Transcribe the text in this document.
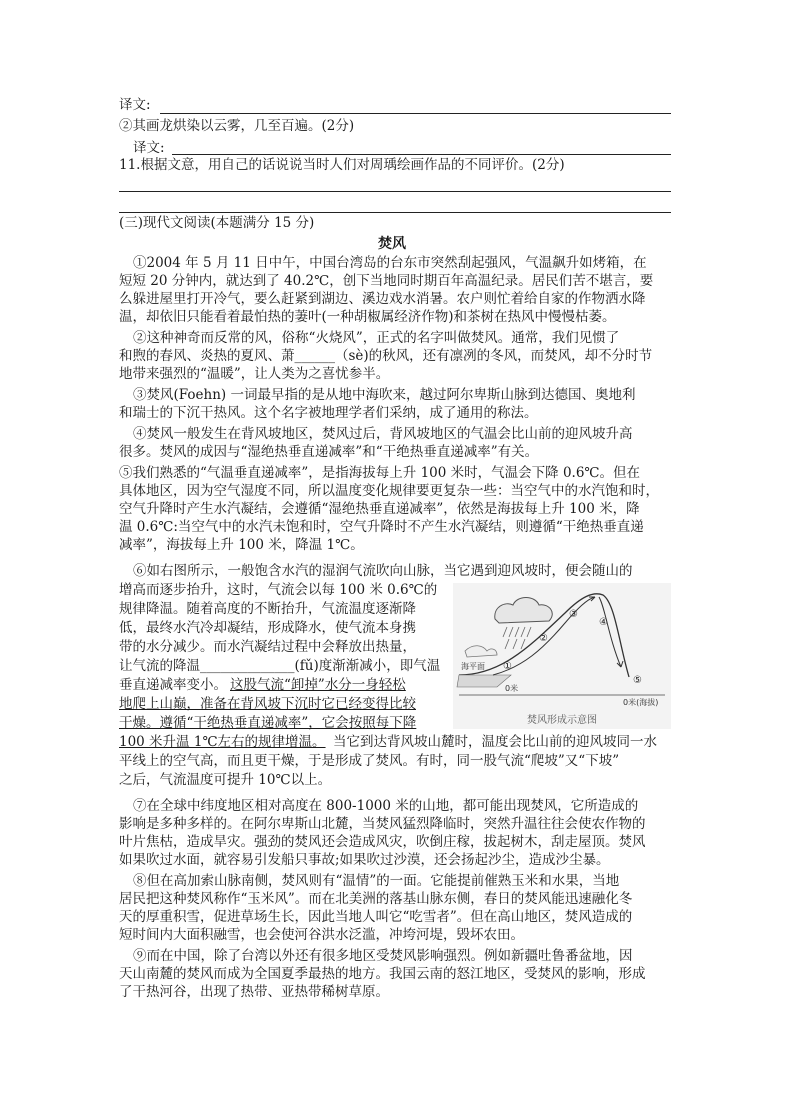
译文:
②其画龙烘染以云雾，几至百遍。(2分)
译文:
11.根据文意，用自己的话说说当时人们对周瑀绘画作品的不同评价。(2分)
(三)现代文阅读(本题满分 15 分)
焚风
①2004 年 5 月 11 日中午，中国台湾岛的台东市突然刮起强风，气温飙升如烤箱，在
短短 20 分钟内，就达到了 40.2℃，创下当地同时期百年高温纪录。居民们苦不堪言，要
么躲进屋里打开冷气，要么赶紧到湖边、溪边戏水消暑。农户则忙着给自家的作物洒水降
温，却依旧只能看着最怕热的萋叶(一种胡椒属经济作物)和茶树在热风中慢慢枯萎。
②这种神奇而反常的风，俗称“火烧风”，正式的名字叫做焚风。通常，我们见惯了
和煦的春风、炎热的夏风、萧______（sè)的秋风，还有凛冽的冬风，而焚风，却不分时节
地带来强烈的“温暖”，让人类为之喜忧参半。
③焚风(Foehn) 一词最早指的是从地中海吹来，越过阿尔卑斯山脉到达德国、奥地利
和瑞士的下沉干热风。这个名字被地理学者们采纳，成了通用的称法。
④焚风一般发生在背风坡地区，焚风过后，背风坡地区的气温会比山前的迎风坡升高
很多。焚风的成因与“湿绝热垂直递减率”和“干绝热垂直递减率”有关。
⑤我们熟悉的“气温垂直递减率”，是指海拔每上升 100 米时，气温会下降 0.6℃。但在
具体地区，因为空气湿度不同，所以温度变化规律要更复杂一些：当空气中的水汽饱和时，
空气升降时产生水汽凝结，会遵循“湿绝热垂直递减率”，依然是海拔每上升 100 米，降
温 0.6℃:当空气中的水汽未饱和时，空气升降时不产生水汽凝结，则遵循“干绝热垂直递
减率”，海拔每上升 100 米，降温 1℃。
⑥如右图所示，一般饱含水汽的湿润气流吹向山脉，当它遇到迎风坡时，便会随山的
增高而逐步抬升，这时，气流会以每 100 米 0.6℃的
规律降温。随着高度的不断抬升，气流温度逐渐降
低，最终水汽冷却凝结，形成降水，使气流本身携
带的水分减少。而水汽凝结过程中会释放出热量，
让气流的降温______________(fǔ)度渐渐减小，即气温
垂直递减率变小。 这股气流“卸掉”水分一身轻松
地爬上山巅，准备在背风坡下沉时它已经变得比较
干燥。遵循“干绝热垂直递减率”，它会按照每下降
100 米升温 1℃左右的规律增温。 当它到达背风坡山麓时，温度会比山前的迎风坡同一水
平线上的空气高，而且更干燥，于是形成了焚风。有时，同一股气流“爬坡”又“下坡”
之后，气流温度可提升 10℃以上。
⑦在全球中纬度地区相对高度在 800-1000 米的山地，都可能出现焚风，它所造成的
影响是多种多样的。在阿尔卑斯山北麓，当焚风猛烈降临时，突然升温往往会使农作物的
叶片焦枯，造成旱灾。强劲的焚风还会造成风灾，吹倒庄稼，拔起树木，刮走屋顶。焚风
如果吹过水面，就容易引发船只事故;如果吹过沙漠，还会扬起沙尘，造成沙尘暴。
⑧但在高加索山脉南侧，焚风则有“温情”的一面。它能提前催熟玉米和水果，当地
居民把这种焚风称作“玉米风”。而在北美洲的落基山脉东侧，春日的焚风能迅速融化冬
天的厚重积雪，促进草场生长，因此当地人叫它“吃雪者”。但在高山地区，焚风造成的
短时间内大面积融雪，也会使河谷洪水泛滥，冲垮河堤，毁坏农田。
⑨而在中国，除了台湾以外还有很多地区受焚风影响强烈。例如新疆吐鲁番盆地，因
天山南麓的焚风而成为全国夏季最热的地方。我国云南的怒江地区，受焚风的影响，形成
了干热河谷，出现了热带、亚热带稀树草原。
①
②
③
④
⑤
海平面
0米
0米(海拔)
焚风形成示意图
